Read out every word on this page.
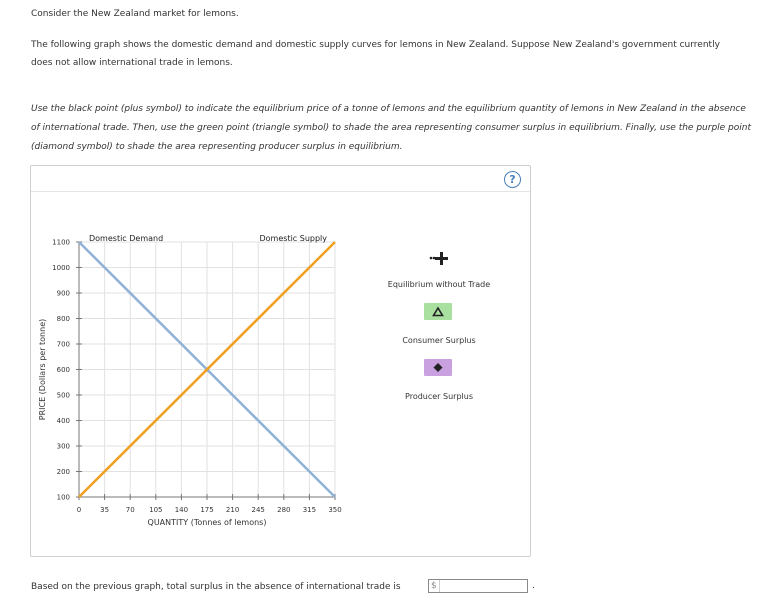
Consider the New Zealand market for lemons.

The following graph shows the domestic demand and domestic supply curves for lemons in New Zealand. Suppose New Zealand's government currently does not allow international trade in lemons.

Use the black point (plus symbol) to indicate the equilibrium price of a tonne of lemons and the equilibrium quantity of lemons in New Zealand in the absence of international trade. Then, use the green point (triangle symbol) to shade the area representing consumer surplus in equilibrium. Finally, use the purple point (diamond symbol) to shade the area representing producer surplus in equilibrium.

?
100
200
300
400
500
600
700
800
900
1000
1100
0	35 70 105 140 175 210 245 280 315 350
QUANTITY (Tonnes of lemons)
PRICE (Dollars per tonne)
Domestic Demand	Domestic Supply
Equilibrium without Trade
Consumer Surplus
Producer Surplus

Based on the previous graph, total surplus in the absence of international trade is	$	.
